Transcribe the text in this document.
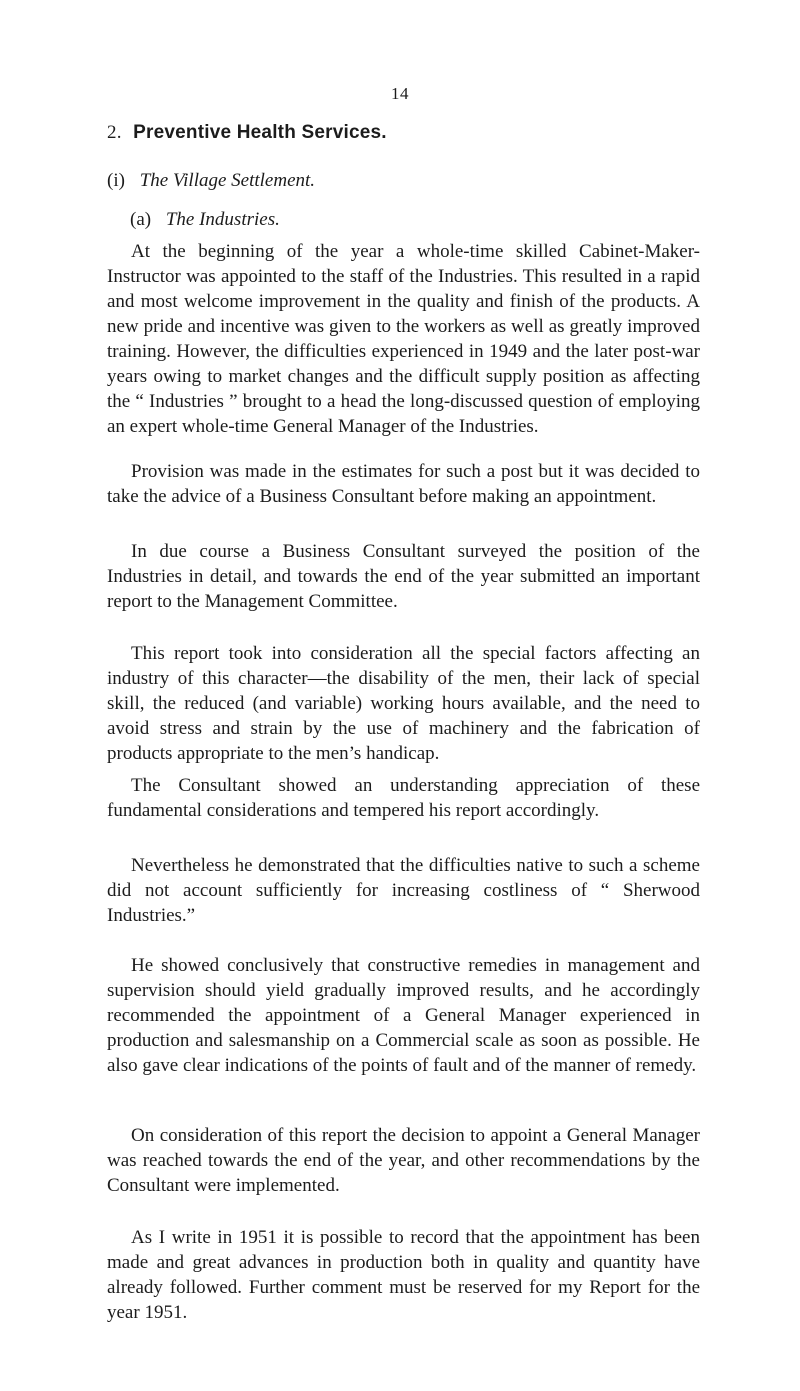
14
2. Preventive Health Services.
(i) The Village Settlement.
(a) The Industries.

At the beginning of the year a whole-time skilled Cabinet-Maker-Instructor was appointed to the staff of the Industries. This resulted in a rapid and most welcome improvement in the quality and finish of the products. A new pride and incentive was given to the workers as well as greatly improved training. However, the difficulties experienced in 1949 and the later post-war years owing to market changes and the difficult supply position as affecting the “ Industries ” brought to a head the long-discussed question of employing an expert whole-time General Manager of the Industries.

Provision was made in the estimates for such a post but it was decided to take the advice of a Business Consultant before making an appointment.

In due course a Business Consultant surveyed the position of the Industries in detail, and towards the end of the year submitted an important report to the Management Committee.

This report took into consideration all the special factors affecting an industry of this character—the disability of the men, their lack of special skill, the reduced (and variable) working hours available, and the need to avoid stress and strain by the use of machinery and the fabrication of products appropriate to the men’s handicap.

The Consultant showed an understanding appreciation of these fundamental considerations and tempered his report accordingly.

Nevertheless he demonstrated that the difficulties native to such a scheme did not account sufficiently for increasing costliness of “ Sherwood Industries.”

He showed conclusively that constructive remedies in management and supervision should yield gradually improved results, and he accordingly recommended the appointment of a General Manager experienced in production and salesmanship on a Commercial scale as soon as possible. He also gave clear indications of the points of fault and of the manner of remedy.

On consideration of this report the decision to appoint a General Manager was reached towards the end of the year, and other recommendations by the Consultant were implemented.

As I write in 1951 it is possible to record that the appointment has been made and great advances in production both in quality and quantity have already followed. Further comment must be reserved for my Report for the year 1951.
